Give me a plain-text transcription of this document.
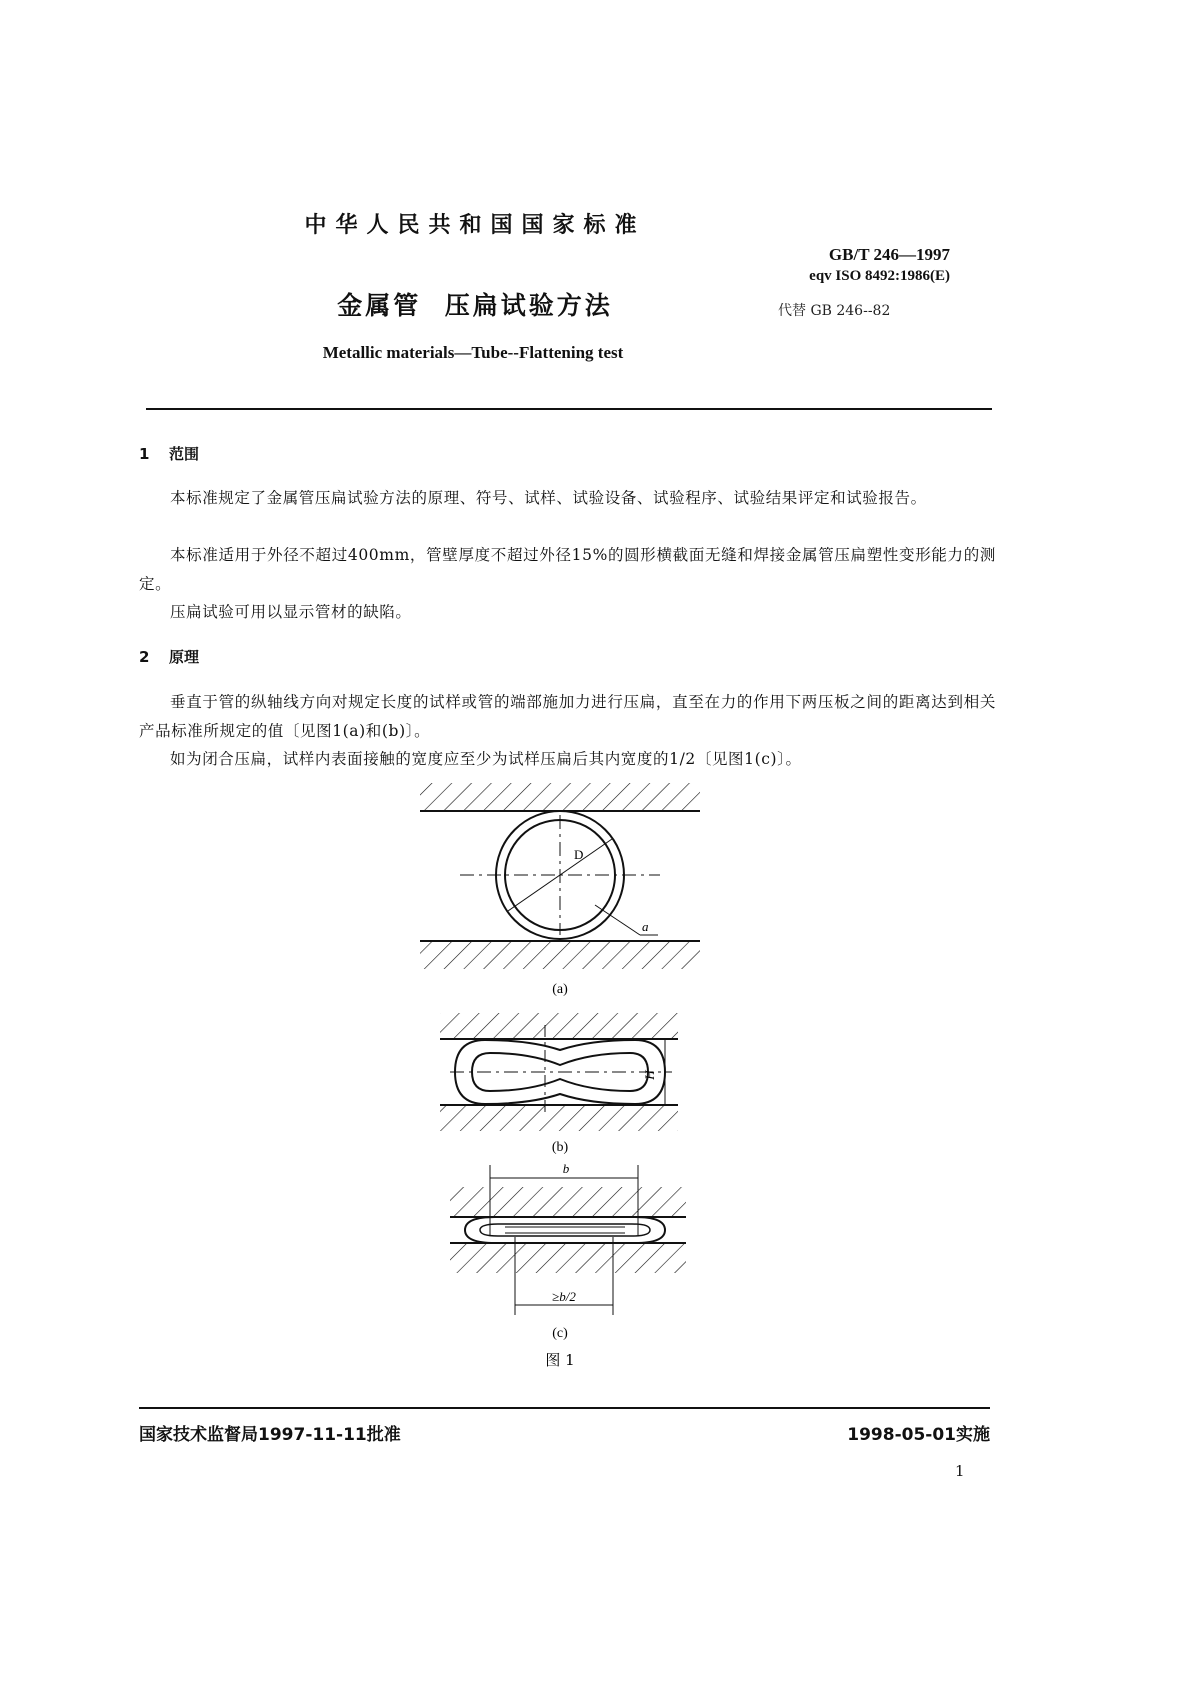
中华人民共和国国家标准
GB/T 246—1997
eqv ISO 8492:1986(E)
金属管  压扁试验方法	代替 GB 246--82
Metallic materials—Tube--Flattening test
1 范围
本标准规定了金属管压扁试验方法的原理、符号、试样、试验设备、试验程序、试验结果评定和试验报告。
本标准适用于外径不超过400mm，管壁厚度不超过外径15%的圆形横截面无缝和焊接金属管压扁塑性变形能力的测定。
压扁试验可用以显示管材的缺陷。
2 原理
垂直于管的纵轴线方向对规定长度的试样或管的端部施加力进行压扁，直至在力的作用下两压板之间的距离达到相关产品标准所规定的值〔见图1(a)和(b)〕。
如为闭合压扁，试样内表面接触的宽度应至少为试样压扁后其内宽度的1/2〔见图1(c)〕。
D
a
(a)
H
(b)
b
≥b/2
(c)
图 1
国家技术监督局1997-11-11批准	1998-05-01实施
1
